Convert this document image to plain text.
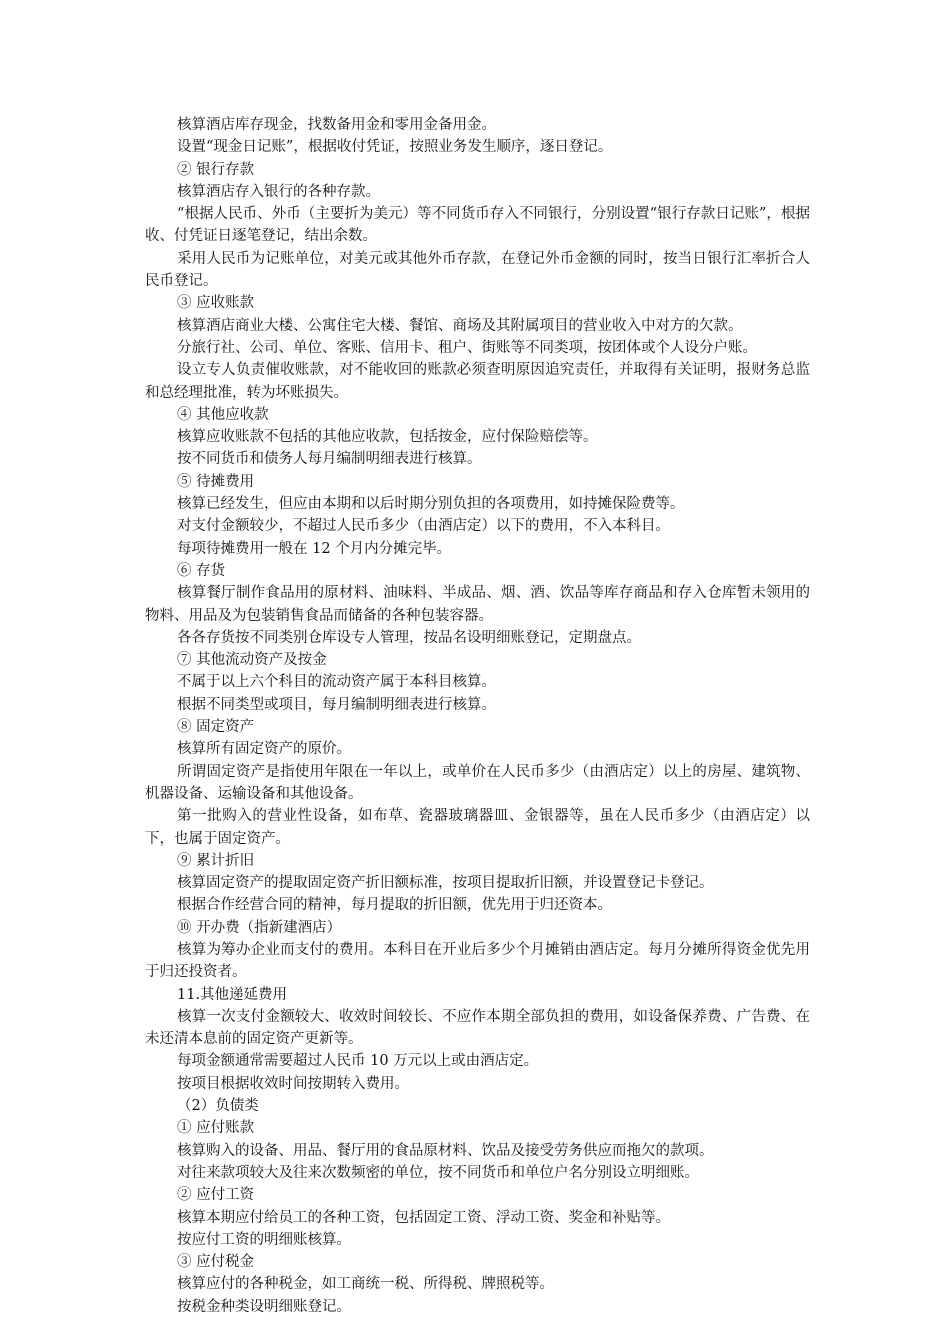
核算酒店库存现金，找数备用金和零用金备用金。

设置“现金日记账”，根据收付凭证，按照业务发生顺序，逐日登记。

② 银行存款

核算酒店存入银行的各种存款。

“根据人民币、外币（主要折为美元）等不同货币存入不同银行，分别设置“银行存款日记账”，根据收、付凭证日逐笔登记，结出余数。

采用人民币为记账单位，对美元或其他外币存款，在登记外币金额的同时，按当日银行汇率折合人民币登记。

③ 应收账款

核算酒店商业大楼、公寓住宅大楼、餐馆、商场及其附属项目的营业收入中对方的欠款。

分旅行社、公司、单位、客账、信用卡、租户、街账等不同类项，按团体或个人设分户账。

设立专人负责催收账款，对不能收回的账款必须查明原因追究责任，并取得有关证明，报财务总监和总经理批准，转为坏账损失。

④ 其他应收款

核算应收账款不包括的其他应收款，包括按金，应付保险赔偿等。

按不同货币和债务人每月编制明细表进行核算。

⑤ 待摊费用

核算已经发生，但应由本期和以后时期分别负担的各项费用，如持摊保险费等。

对支付金额较少，不超过人民币多少（由酒店定）以下的费用，不入本科目。

每项待摊费用一般在 12 个月内分摊完毕。

⑥ 存货

核算餐厅制作食品用的原材料、油味料、半成品、烟、酒、饮品等库存商品和存入仓库暂未领用的物料、用品及为包装销售食品而储备的各种包装容器。

各各存货按不同类别仓库设专人管理，按品名设明细账登记，定期盘点。

⑦ 其他流动资产及按金

不属于以上六个科目的流动资产属于本科目核算。

根据不同类型或项目，每月编制明细表进行核算。

⑧ 固定资产

核算所有固定资产的原价。

所谓固定资产是指使用年限在一年以上，或单价在人民币多少（由酒店定）以上的房屋、建筑物、机器设备、运输设备和其他设备。

第一批购入的营业性设备，如布草、瓷器玻璃器皿、金银器等，虽在人民币多少（由酒店定）以下，也属于固定资产。

⑨ 累计折旧

核算固定资产的提取固定资产折旧额标准，按项目提取折旧额，并设置登记卡登记。

根据合作经营合同的精神，每月提取的折旧额，优先用于归还资本。

⑩ 开办费（指新建酒店）

核算为筹办企业而支付的费用。本科目在开业后多少个月摊销由酒店定。每月分摊所得资金优先用于归还投资者。

11.其他递延费用

核算一次支付金额较大、收效时间较长、不应作本期全部负担的费用，如设备保养费、广告费、在未还清本息前的固定资产更新等。

每项金额通常需要超过人民币 10 万元以上或由酒店定。

按项目根据收效时间按期转入费用。

（2）负债类

① 应付账款

核算购入的设备、用品、餐厅用的食品原材料、饮品及接受劳务供应而拖欠的款项。

对往来款项较大及往来次数频密的单位，按不同货币和单位户名分别设立明细账。

② 应付工资

核算本期应付给员工的各种工资，包括固定工资、浮动工资、奖金和补贴等。

按应付工资的明细账核算。

③ 应付税金

核算应付的各种税金，如工商统一税、所得税、牌照税等。

按税金种类设明细账登记。
